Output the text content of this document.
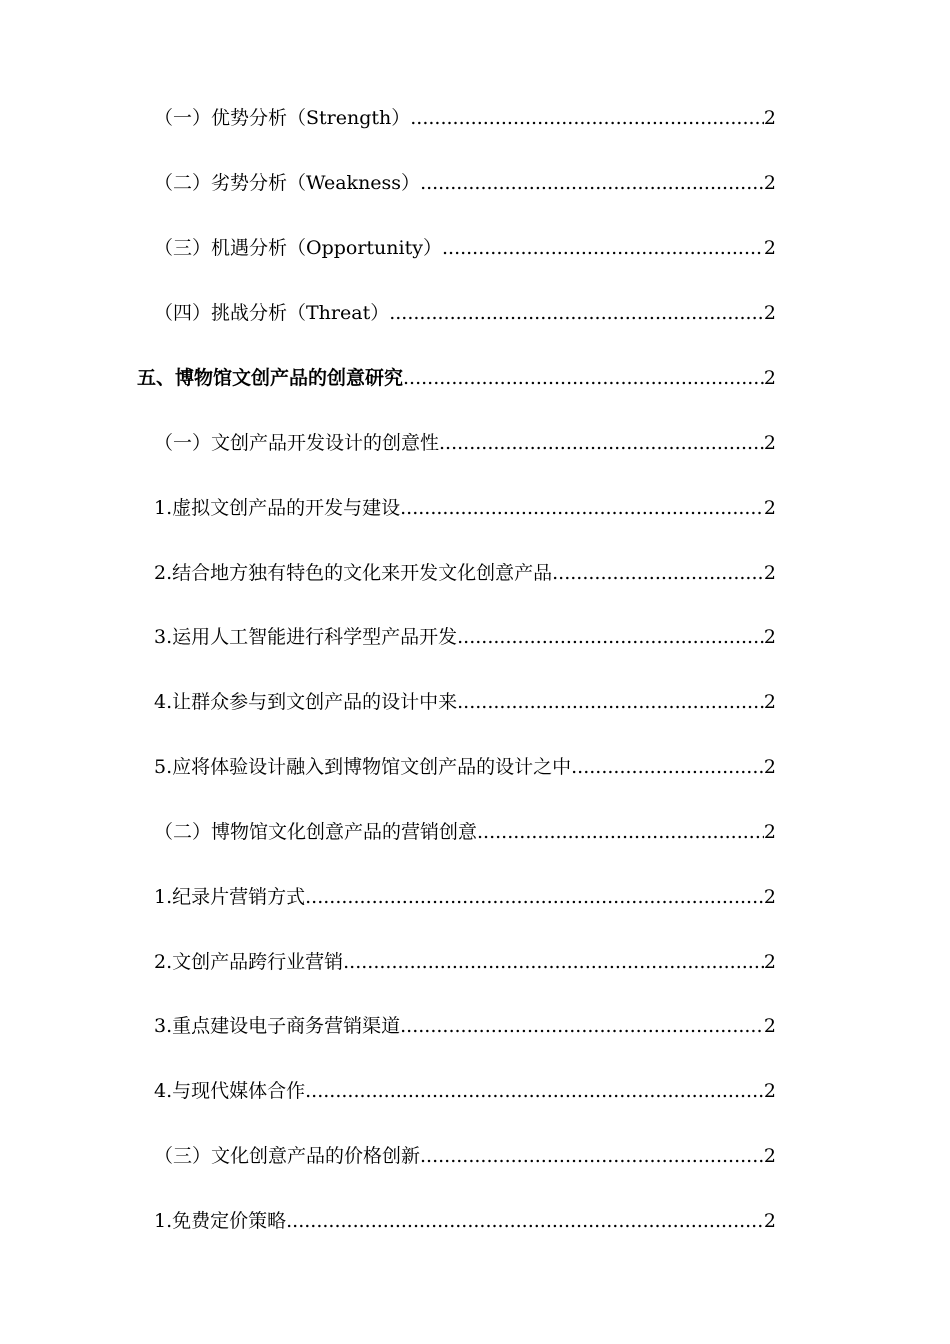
（一）优势分析（Strength） .....	2
（二）劣势分析（Weakness） .....	2
（三）机遇分析（Opportunity） .....	2
（四）挑战分析（Threat） .....	2
五、博物馆文创产品的创意研究 .....	2
（一）文创产品开发设计的创意性 .....	2
1.虚拟文创产品的开发与建设 .....	2
2.结合地方独有特色的文化来开发文化创意产品 .....	2
3.运用人工智能进行科学型产品开发 .....	2
4.让群众参与到文创产品的设计中来 .....	2
5.应将体验设计融入到博物馆文创产品的设计之中 .....	2
（二）博物馆文化创意产品的营销创意 .....	2
1.纪录片营销方式 .....	2
2.文创产品跨行业营销 .....	2
3.重点建设电子商务营销渠道 .....	2
4.与现代媒体合作 .....	2
（三）文化创意产品的价格创新 .....	2
1.免费定价策略 .....	2
